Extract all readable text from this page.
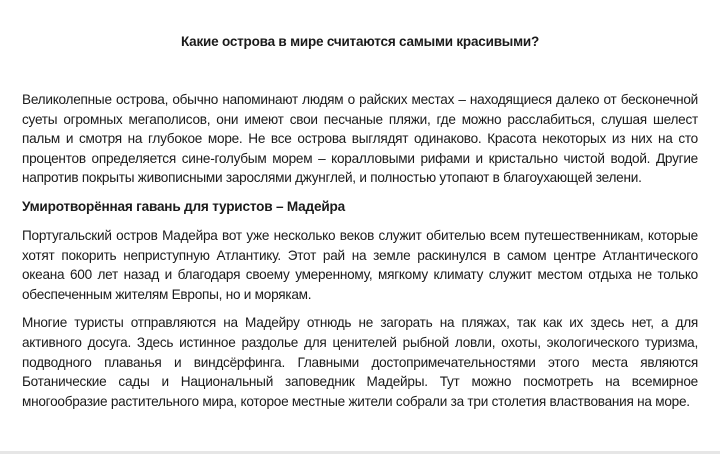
Какие острова в мире считаются самыми красивыми?

Великолепные острова, обычно напоминают людям о райских местах – находящиеся далеко от бесконечной суеты огромных мегаполисов, они имеют свои песчаные пляжи, где можно расслабиться, слушая шелест пальм и смотря на глубокое море. Не все острова выглядят одинаково. Красота некоторых из них на сто процентов определяется сине-голубым морем – коралловыми рифами и кристально чистой водой. Другие напротив покрыты живописными зарослями джунглей, и полностью утопают в благоухающей зелени.

Умиротворённая гавань для туристов – Мадейра

Португальский остров Мадейра вот уже несколько веков служит обителью всем путешественникам, которые хотят покорить неприступную Атлантику. Этот рай на земле раскинулся в самом центре Атлантического океана 600 лет назад и благодаря своему умеренному, мягкому климату служит местом отдыха не только обеспеченным жителям Европы, но и морякам.

Многие туристы отправляются на Мадейру отнюдь не загорать на пляжах, так как их здесь нет, а для активного досуга. Здесь истинное раздолье для ценителей рыбной ловли, охоты, экологического туризма, подводного плаванья и виндсёрфинга. Главными достопримечательностями этого места являются Ботанические сады и Национальный заповедник Мадейры. Тут можно посмотреть на всемирное многообразие растительного мира, которое местные жители собрали за три столетия властвования на море.
